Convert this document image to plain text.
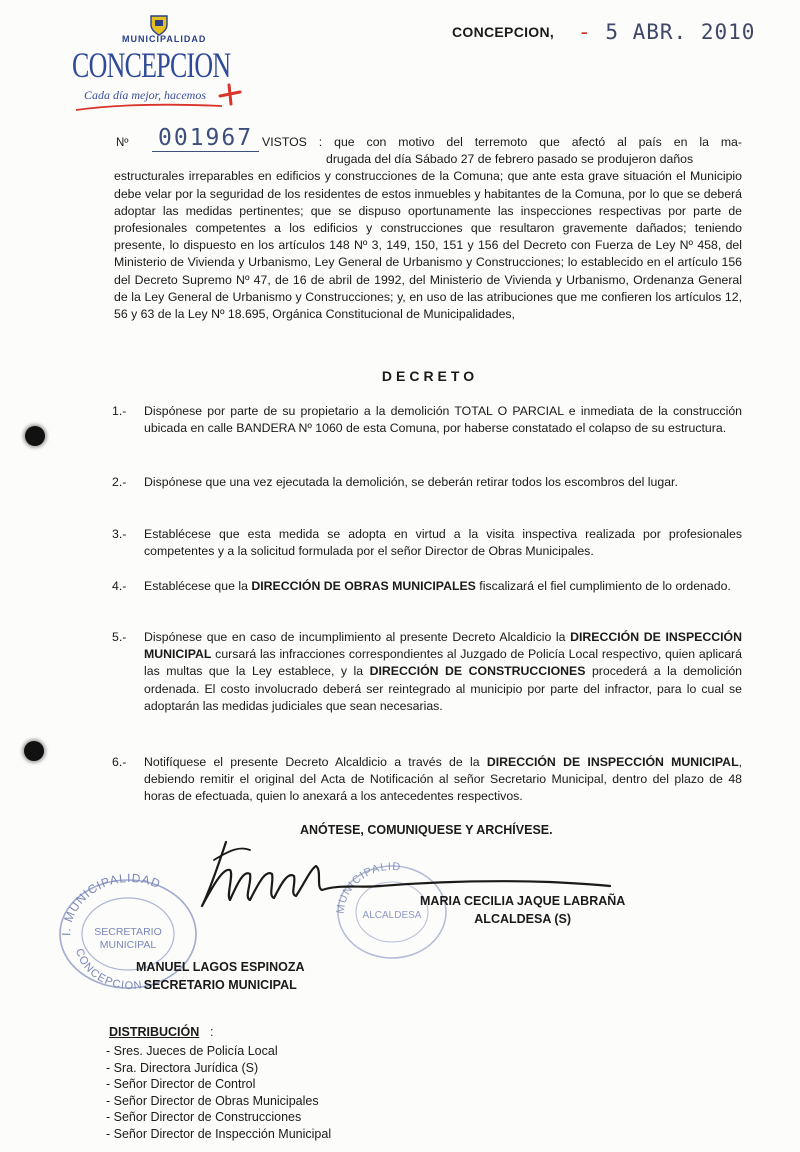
MUNICIPALIDAD
CONCEPCION
Cada día mejor, hacemos
CONCEPCION, - 5 ABR. 2010
Nº 001967 VISTOS : que con motivo del terremoto que afectó al país en la ma-
drugada del día Sábado 27 de febrero pasado se produjeron daños
estructurales irreparables en edificios y construcciones de la Comuna; que ante esta grave situación el Municipio debe velar por la seguridad de los residentes de estos inmuebles y habitantes de la Comuna, por lo que se deberá adoptar las medidas pertinentes; que se dispuso oportunamente las inspecciones respectivas por parte de profesionales competentes a los edificios y construcciones que resultaron gravemente dañados; teniendo presente, lo dispuesto en los artículos 148 Nº 3, 149, 150, 151 y 156 del Decreto con Fuerza de Ley Nº 458, del Ministerio de Vivienda y Urbanismo, Ley General de Urbanismo y Construcciones; lo establecido en el artículo 156 del Decreto Supremo Nº 47, de 16 de abril de 1992, del Ministerio de Vivienda y Urbanismo, Ordenanza General de la Ley General de Urbanismo y Construcciones; y, en uso de las atribuciones que me confieren los artículos 12, 56 y 63 de la Ley Nº 18.695, Orgánica Constitucional de Municipalidades,
DECRETO
1.- Dispónese por parte de su propietario a la demolición TOTAL O PARCIAL e inmediata de la construcción ubicada en calle BANDERA Nº 1060 de esta Comuna, por haberse constatado el colapso de su estructura.
2.- Dispónese que una vez ejecutada la demolición, se deberán retirar todos los escombros del lugar.
3.- Establécese que esta medida se adopta en virtud a la visita inspectiva realizada por profesionales competentes y a la solicitud formulada por el señor Director de Obras Municipales.
4.- Establécese que la DIRECCIÓN DE OBRAS MUNICIPALES fiscalizará el fiel cumplimiento de lo ordenado.
5.- Dispónese que en caso de incumplimiento al presente Decreto Alcaldicio la DIRECCIÓN DE INSPECCIÓN MUNICIPAL cursará las infracciones correspondientes al Juzgado de Policía Local respectivo, quien aplicará las multas que la Ley establece, y la DIRECCIÓN DE CONSTRUCCIONES procederá a la demolición ordenada. El costo involucrado deberá ser reintegrado al municipio por parte del infractor, para lo cual se adoptarán las medidas judiciales que sean necesarias.
6.- Notifíquese el presente Decreto Alcaldicio a través de la DIRECCIÓN DE INSPECCIÓN MUNICIPAL, debiendo remitir el original del Acta de Notificación al señor Secretario Municipal, dentro del plazo de 48 horas de efectuada, quien lo anexará a los antecedentes respectivos.
ANÓTESE, COMUNIQUESE Y ARCHÍVESE.
I. MUNICIPALIDAD
CONCEPCION
SECRETARIO
MUNICIPAL
MUNICIPALID
ALCALDESA
MARIA CECILIA JAQUE LABRAÑA
ALCALDESA (S)
MANUEL LAGOS ESPINOZA
SECRETARIO MUNICIPAL
DISTRIBUCIÓN :
- Sres. Jueces de Policía Local
- Sra. Directora Jurídica (S)
- Señor Director de Control
- Señor Director de Obras Municipales
- Señor Director de Construcciones
- Señor Director de Inspección Municipal
